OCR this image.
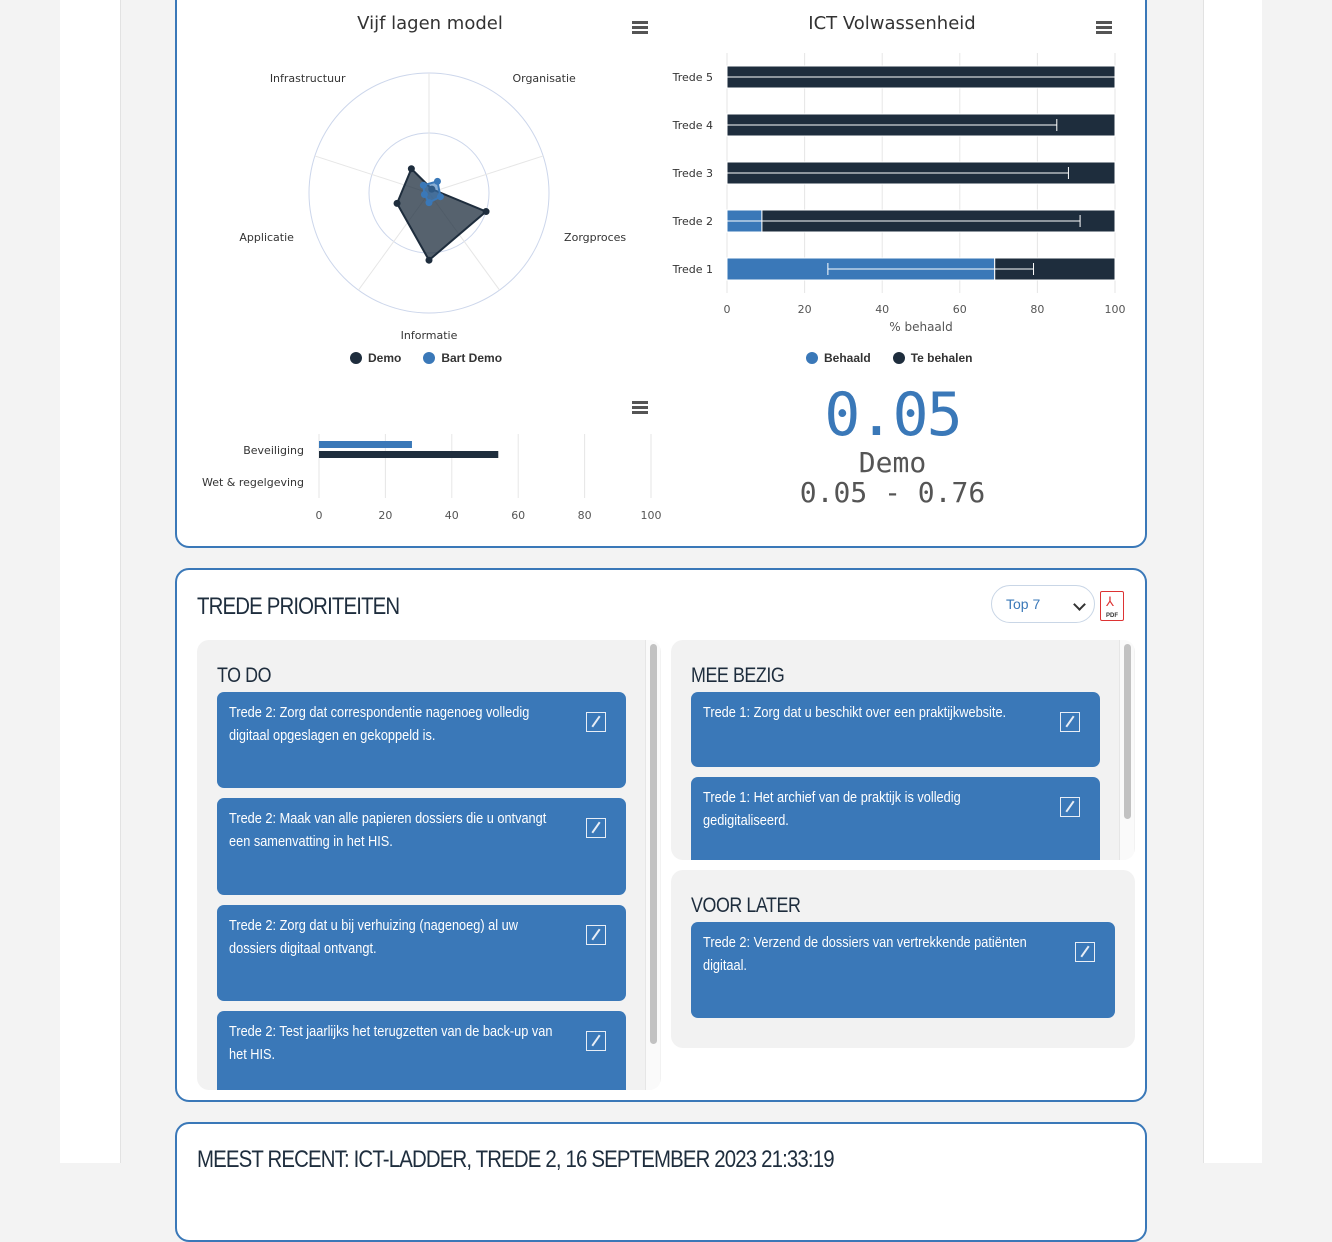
Vijf lagen model
Organisatie
Zorgproces
Informatie
Applicatie
Infrastructuur
Demo	Bart Demo
ICT Volwassenheid
0	20	40	60	80	100
% behaald
Trede 5
Trede 4
Trede 3
Trede 2
Trede 1
Behaald	Te behalen
0	20	40	60	80	100
Beveiliging
Wet & regelgeving
0.05
Demo
0.05 - 0.76
TREDE PRIORITEITEN	Top 7	⅄
PDF
TO DO
Trede 2: Zorg dat correspondentie nagenoeg volledig digitaal opgeslagen en gekoppeld is.
Trede 2: Maak van alle papieren dossiers die u ontvangt een samenvatting in het HIS.
Trede 2: Zorg dat u bij verhuizing (nagenoeg) al uw dossiers digitaal ontvangt.
Trede 2: Test jaarlijks het terugzetten van de back-up van het HIS.
MEE BEZIG
Trede 1: Zorg dat u beschikt over een praktijkwebsite.
Trede 1: Het archief van de praktijk is volledig gedigitaliseerd.
VOOR LATER
Trede 2: Verzend de dossiers van vertrekkende patiënten digitaal.
MEEST RECENT: ICT-LADDER, TREDE 2, 16 SEPTEMBER 2023 21:33:19
